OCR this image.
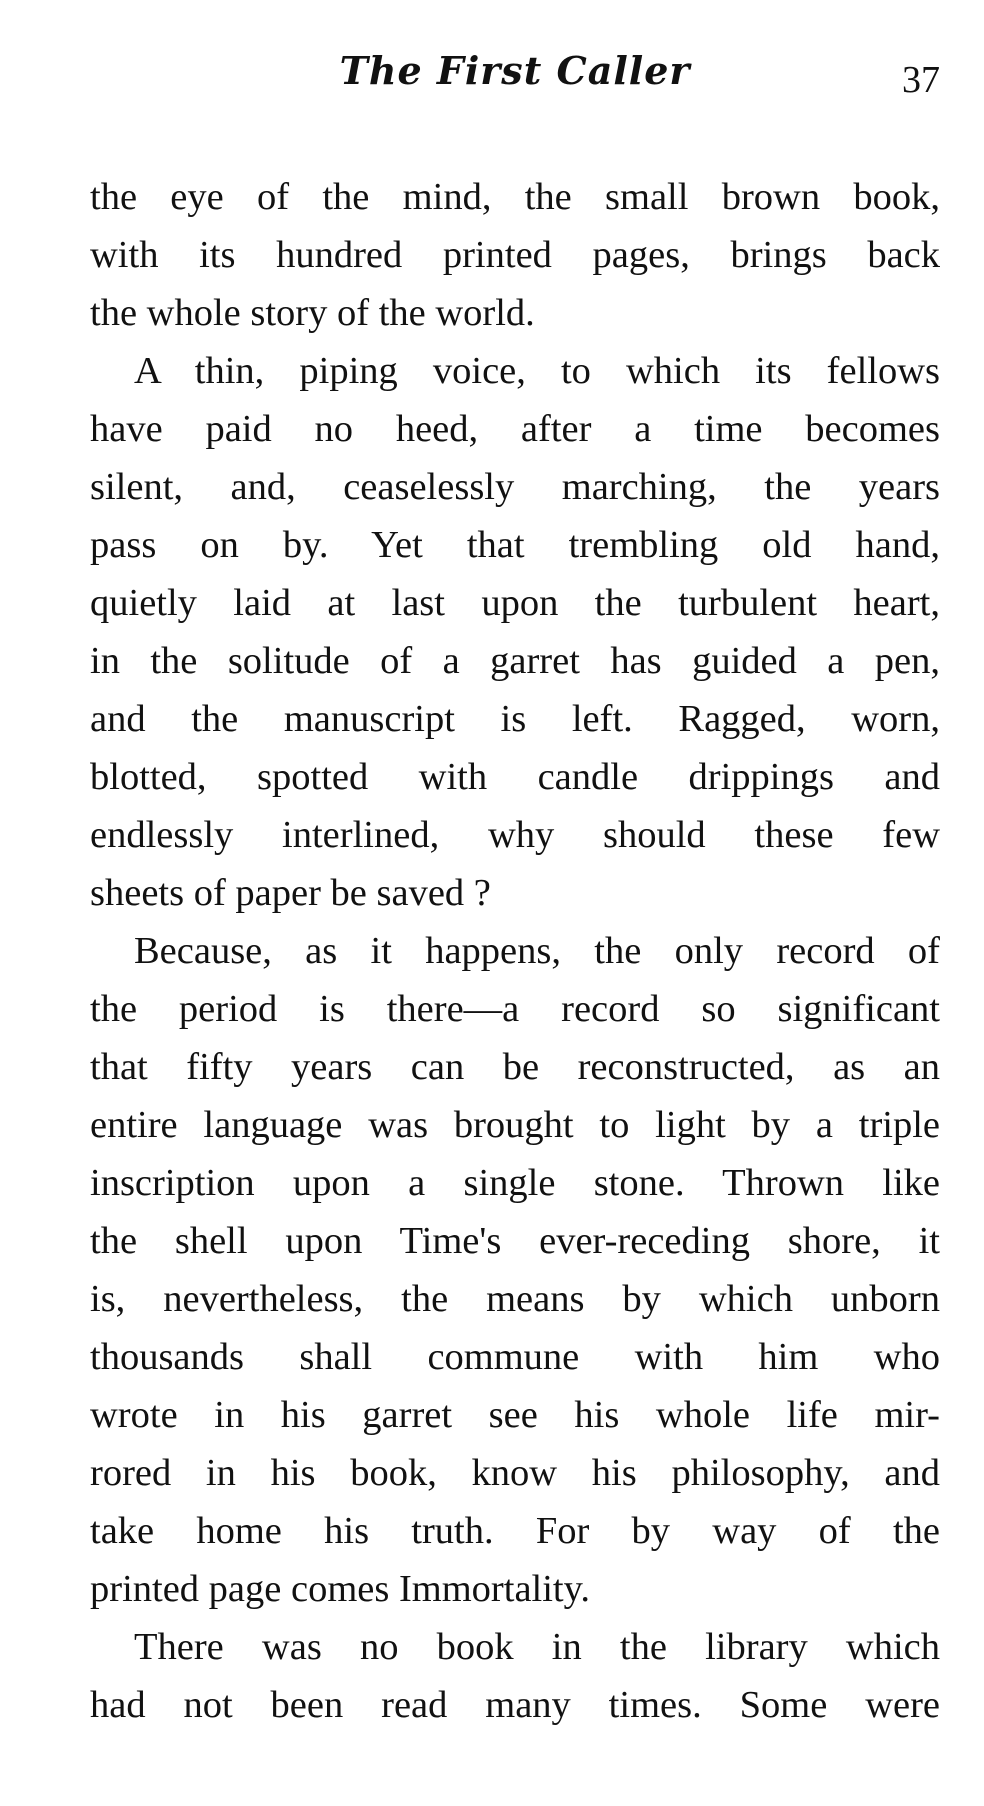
The First Caller	37
the eye of the mind, the small brown book,
with its hundred printed pages, brings back
the whole story of the world.
A thin, piping voice, to which its fellows
have paid no heed, after a time becomes
silent, and, ceaselessly marching, the years
pass on by. Yet that trembling old hand,
quietly laid at last upon the turbulent heart,
in the solitude of a garret has guided a pen,
and the manuscript is left. Ragged, worn,
blotted, spotted with candle drippings and
endlessly interlined, why should these few
sheets of paper be saved ?
Because, as it happens, the only record of
the period is there—a record so significant
that fifty years can be reconstructed, as an
entire language was brought to light by a triple
inscription upon a single stone. Thrown like
the shell upon Time's ever-receding shore, it
is, nevertheless, the means by which unborn
thousands shall commune with him who
wrote in his garret see his whole life mir-
rored in his book, know his philosophy, and
take home his truth. For by way of the
printed page comes Immortality.
There was no book in the library which
had not been read many times. Some were
